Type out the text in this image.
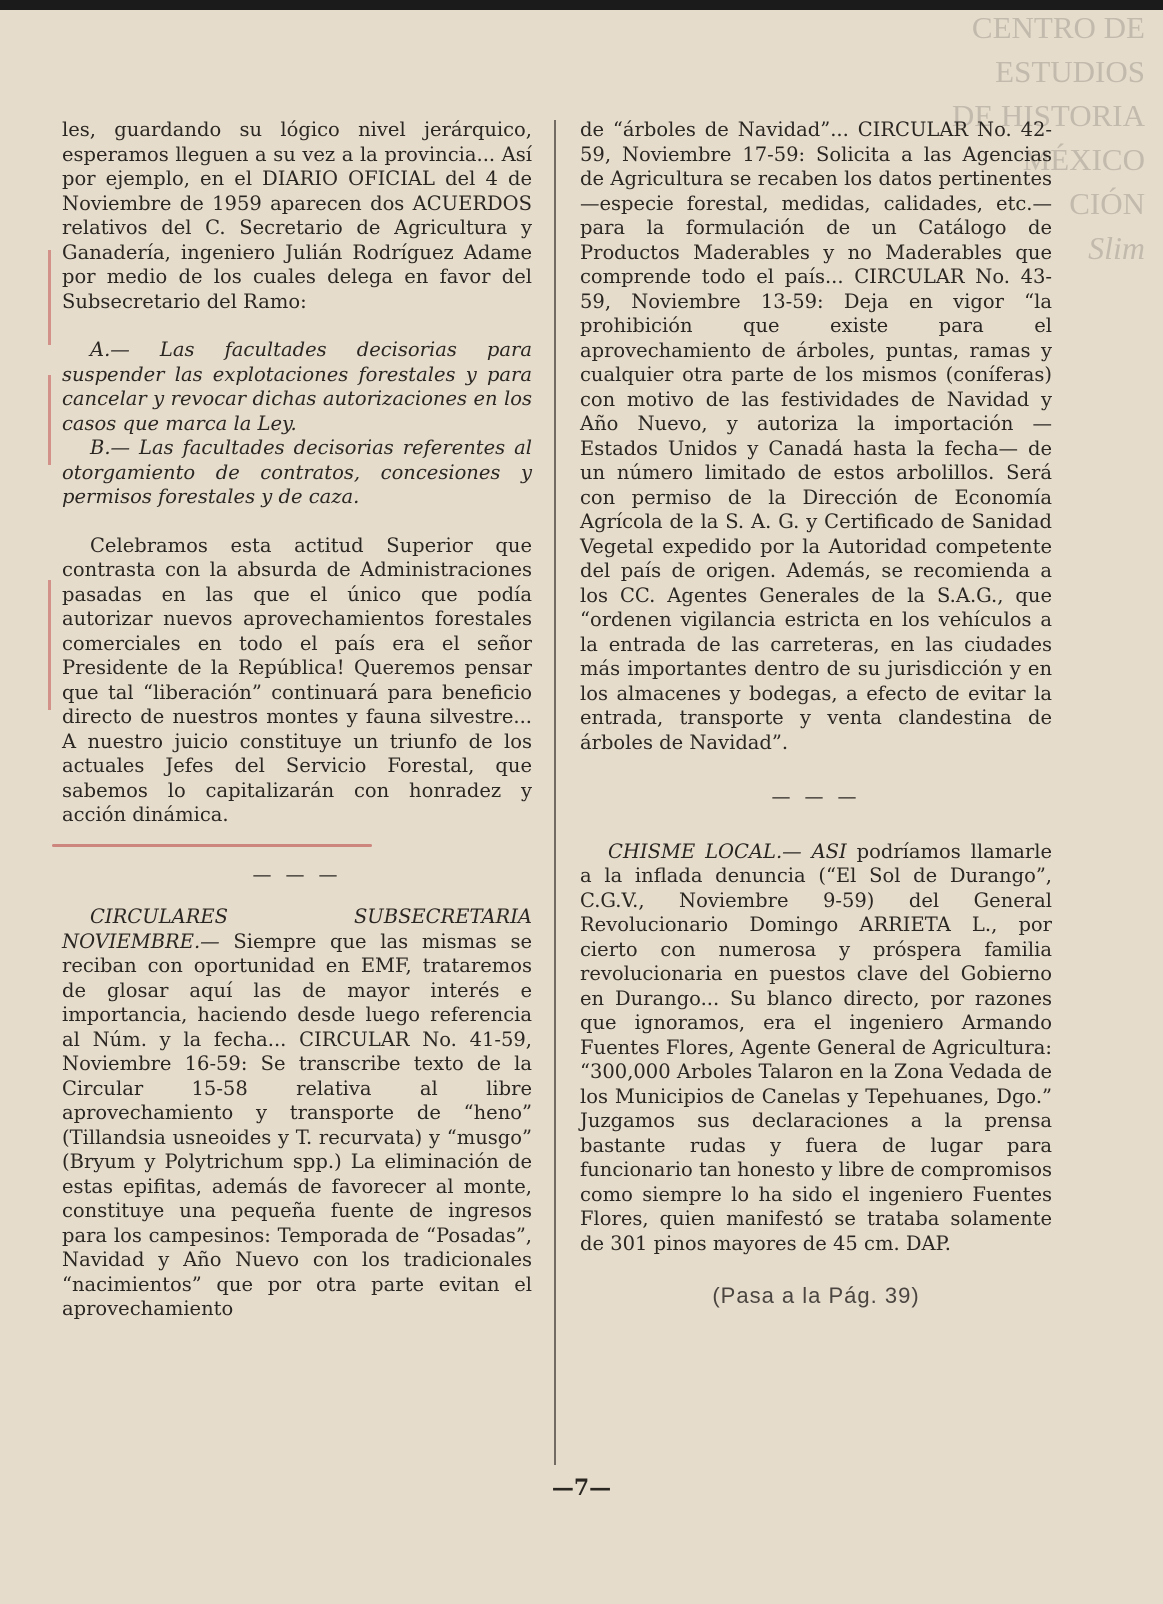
CENTRO DE
ESTUDIOS
DE HISTORIA
MÉXICO
CIÓN
Slim

les, guardando su lógico nivel jerárquico, esperamos lleguen a su vez a la provincia... Así por ejemplo, en el DIARIO OFICIAL del 4 de Noviembre de 1959 aparecen dos ACUERDOS relativos del C. Secretario de Agricultura y Ganadería, ingeniero Julián Rodríguez Adame por medio de los cuales delega en favor del Subsecretario del Ramo:

A.— Las facultades decisorias para suspender las explotaciones forestales y para cancelar y revocar dichas autorizaciones en los casos que marca la Ley.

B.— Las facultades decisorias referentes al otorgamiento de contratos, concesiones y permisos forestales y de caza.

Celebramos esta actitud Superior que contrasta con la absurda de Administraciones pasadas en las que el único que podía autorizar nuevos aprovechamientos forestales comerciales en todo el país era el señor Presidente de la República! Queremos pensar que tal “liberación” continuará para beneficio directo de nuestros montes y fauna silvestre... A nuestro juicio constituye un triunfo de los actuales Jefes del Servicio Forestal, que sabemos lo capitalizarán con honradez y acción dinámica.

— — —

CIRCULARES SUBSECRETARIA NOVIEMBRE.— Siempre que las mismas se reciban con oportunidad en EMF, trataremos de glosar aquí las de mayor interés e importancia, haciendo desde luego referencia al Núm. y la fecha... CIRCULAR No. 41-59, Noviembre 16-59: Se transcribe texto de la Circular 15-58 relativa al libre aprovechamiento y transporte de “heno” (Tillandsia usneoides y T. recurvata) y “musgo” (Bryum y Polytrichum spp.) La eliminación de estas epifitas, además de favorecer al monte, constituye una pequeña fuente de ingresos para los campesinos: Temporada de “Posadas”, Navidad y Año Nuevo con los tradicionales “nacimientos” que por otra parte evitan el aprovechamiento

de “árboles de Navidad”... CIRCULAR No. 42-59, Noviembre 17-59: Solicita a las Agencias de Agricultura se recaben los datos pertinentes —especie forestal, medidas, calidades, etc.— para la formulación de un Catálogo de Productos Maderables y no Maderables que comprende todo el país... CIRCULAR No. 43-59, Noviembre 13-59: Deja en vigor “la prohibición que existe para el aprovechamiento de árboles, puntas, ramas y cualquier otra parte de los mismos (coníferas) con motivo de las festividades de Navidad y Año Nuevo, y autoriza la importación —Estados Unidos y Canadá hasta la fecha— de un número limitado de estos arbolillos. Será con permiso de la Dirección de Economía Agrícola de la S. A. G. y Certificado de Sanidad Vegetal expedido por la Autoridad competente del país de origen. Además, se recomienda a los CC. Agentes Generales de la S.A.G., que “ordenen vigilancia estricta en los vehículos a la entrada de las carreteras, en las ciudades más importantes dentro de su jurisdicción y en los almacenes y bodegas, a efecto de evitar la entrada, transporte y venta clandestina de árboles de Navidad”.

— — —

CHISME LOCAL.— ASI podríamos llamarle a la inflada denuncia (“El Sol de Durango”, C.G.V., Noviembre 9-59) del General Revolucionario Domingo ARRIETA L., por cierto con numerosa y próspera familia revolucionaria en puestos clave del Gobierno en Durango... Su blanco directo, por razones que ignoramos, era el ingeniero Armando Fuentes Flores, Agente General de Agricultura: “300,000 Arboles Talaron en la Zona Vedada de los Municipios de Canelas y Tepehuanes, Dgo.” Juzgamos sus declaraciones a la prensa bastante rudas y fuera de lugar para funcionario tan honesto y libre de compromisos como siempre lo ha sido el ingeniero Fuentes Flores, quien manifestó se trataba solamente de 301 pinos mayores de 45 cm. DAP.

(Pasa a la Pág. 39)
—7—
